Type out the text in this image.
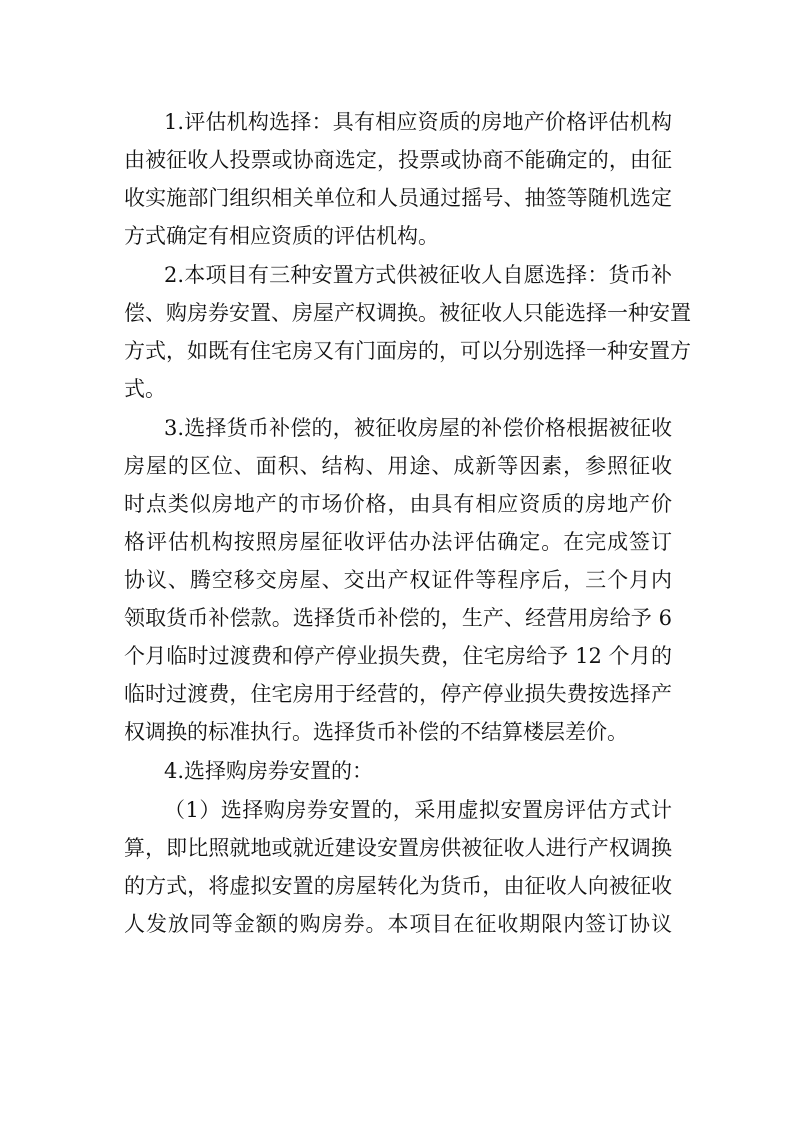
1.评估机构选择：具有相应资质的房地产价格评估机构
由被征收人投票或协商选定，投票或协商不能确定的，由征
收实施部门组织相关单位和人员通过摇号、抽签等随机选定
方式确定有相应资质的评估机构。
2.本项目有三种安置方式供被征收人自愿选择：货币补
偿、购房券安置、房屋产权调换。被征收人只能选择一种安置
方式，如既有住宅房又有门面房的，可以分别选择一种安置方
式。
3.选择货币补偿的，被征收房屋的补偿价格根据被征收
房屋的区位、面积、结构、用途、成新等因素，参照征收
时点类似房地产的市场价格，由具有相应资质的房地产价
格评估机构按照房屋征收评估办法评估确定。在完成签订
协议、腾空移交房屋、交出产权证件等程序后，三个月内
领取货币补偿款。选择货币补偿的，生产、经营用房给予 6
个月临时过渡费和停产停业损失费，住宅房给予 12 个月的
临时过渡费，住宅房用于经营的，停产停业损失费按选择产
权调换的标准执行。选择货币补偿的不结算楼层差价。
4.选择购房券安置的：
（1）选择购房券安置的，采用虚拟安置房评估方式计
算，即比照就地或就近建设安置房供被征收人进行产权调换
的方式，将虚拟安置的房屋转化为货币，由征收人向被征收
人发放同等金额的购房券。本项目在征收期限内签订协议
